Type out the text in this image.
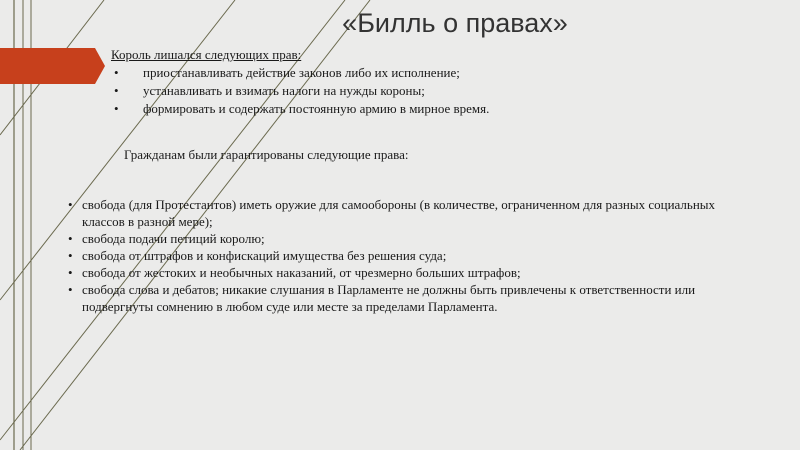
«Билль о правах»
Король лишался следующих прав:
• приостанавливать действие законов либо их исполнение;
• устанавливать и взимать налоги на нужды короны;
• формировать и содержать постоянную армию в мирное время.
Гражданам были гарантированы следующие права:
• свобода (для Протестантов) иметь оружие для самообороны (в количестве, ограниченном для разных социальных классов в разной мере);
• свобода подачи петиций королю;
• свобода от штрафов и конфискаций имущества без решения суда;
• свобода от жестоких и необычных наказаний, от чрезмерно больших штрафов;
• свобода слова и дебатов; никакие слушания в Парламенте не должны быть привлечены к ответственности или подвергнуты сомнению в любом суде или месте за пределами Парламента.
